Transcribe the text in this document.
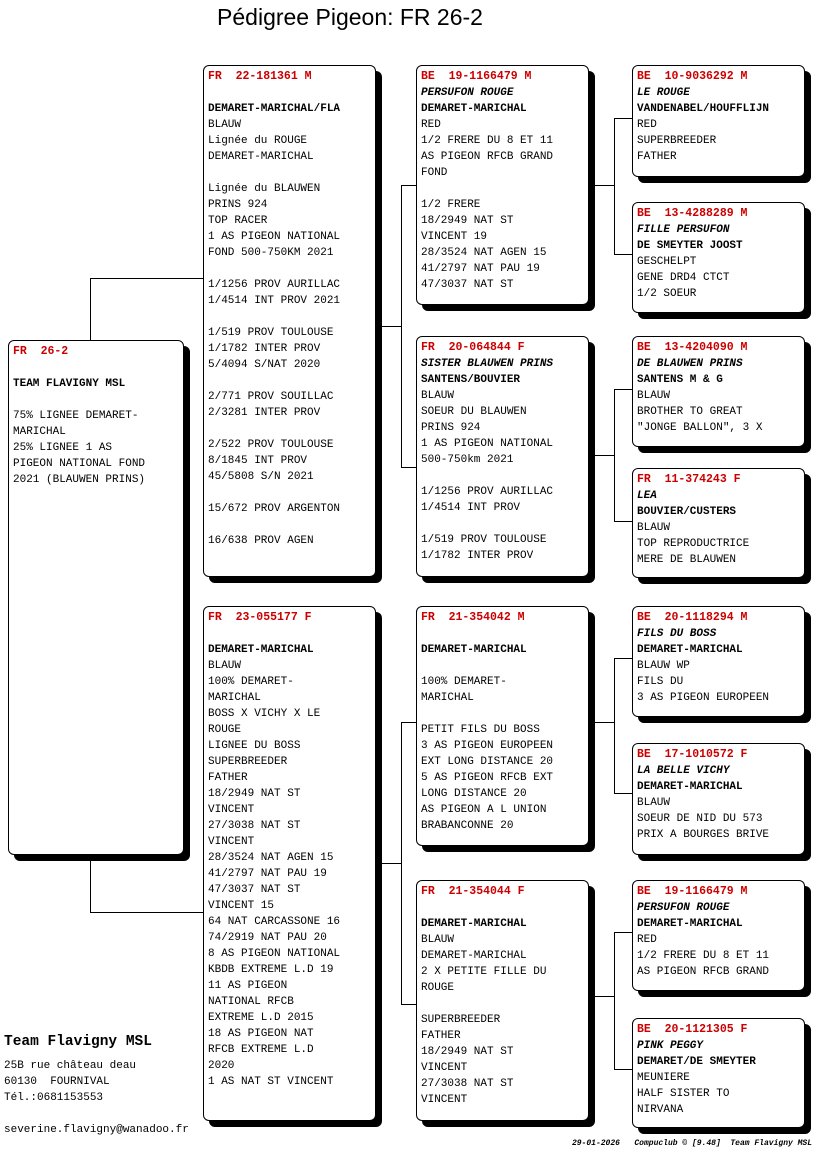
Pédigree Pigeon: FR 26-2
FR  26-2
TEAM FLAVIGNY MSL
75% LIGNEE DEMARET-
MARICHAL
25% LIGNEE 1 AS
PIGEON NATIONAL FOND
2021 (BLAUWEN PRINS)
FR  22-181361 M
DEMARET-MARICHAL/FLA
BLAUW
Lignée du ROUGE
DEMARET-MARICHAL
Lignée du BLAUWEN
PRINS 924
TOP RACER
1 AS PIGEON NATIONAL
FOND 500-750KM 2021
1/1256 PROV AURILLAC
1/4514 INT PROV 2021
1/519 PROV TOULOUSE
1/1782 INTER PROV
5/4094 S/NAT 2020
2/771 PROV SOUILLAC
2/3281 INTER PROV
2/522 PROV TOULOUSE
8/1845 INT PROV
45/5808 S/N 2021
15/672 PROV ARGENTON
16/638 PROV AGEN
FR  23-055177 F
DEMARET-MARICHAL
BLAUW
100% DEMARET-
MARICHAL
BOSS X VICHY X LE
ROUGE
LIGNEE DU BOSS
SUPERBREEDER
FATHER
18/2949 NAT ST
VINCENT
27/3038 NAT ST
VINCENT
28/3524 NAT AGEN 15
41/2797 NAT PAU 19
47/3037 NAT ST
VINCENT 15
64 NAT CARCASSONE 16
74/2919 NAT PAU 20
8 AS PIGEON NATIONAL
KBDB EXTREME L.D 19
11 AS PIGEON
NATIONAL RFCB
EXTREME L.D 2015
18 AS PIGEON NAT
RFCB EXTREME L.D
2020
1 AS NAT ST VINCENT
BE  19-1166479 M
PERSUFON ROUGE
DEMARET-MARICHAL
RED
1/2 FRERE DU 8 ET 11
AS PIGEON RFCB GRAND
FOND
1/2 FRERE
18/2949 NAT ST
VINCENT 19
28/3524 NAT AGEN 15
41/2797 NAT PAU 19
47/3037 NAT ST
FR  20-064844 F
SISTER BLAUWEN PRINS
SANTENS/BOUVIER
BLAUW
SOEUR DU BLAUWEN
PRINS 924
1 AS PIGEON NATIONAL
500-750km 2021
1/1256 PROV AURILLAC
1/4514 INT PROV
1/519 PROV TOULOUSE
1/1782 INTER PROV
FR  21-354042 M
DEMARET-MARICHAL
100% DEMARET-
MARICHAL
PETIT FILS DU BOSS
3 AS PIGEON EUROPEEN
EXT LONG DISTANCE 20
5 AS PIGEON RFCB EXT
LONG DISTANCE 20
AS PIGEON A L UNION
BRABANCONNE 20
FR  21-354044 F
DEMARET-MARICHAL
BLAUW
DEMARET-MARICHAL
2 X PETITE FILLE DU
ROUGE
SUPERBREEDER
FATHER
18/2949 NAT ST
VINCENT
27/3038 NAT ST
VINCENT
BE  10-9036292 M
LE ROUGE
VANDENABEL/HOUFFLIJN
RED
SUPERBREEDER
FATHER
BE  13-4288289 M
FILLE PERSUFON
DE SMEYTER JOOST
GESCHELPT
GENE DRD4 CTCT
1/2 SOEUR
BE  13-4204090 M
DE BLAUWEN PRINS
SANTENS M & G
BLAUW
BROTHER TO GREAT
"JONGE BALLON", 3 X
FR  11-374243 F
LEA
BOUVIER/CUSTERS
BLAUW
TOP REPRODUCTRICE
MERE DE BLAUWEN
BE  20-1118294 M
FILS DU BOSS
DEMARET-MARICHAL
BLAUW WP
FILS DU
3 AS PIGEON EUROPEEN
BE  17-1010572 F
LA BELLE VICHY
DEMARET-MARICHAL
BLAUW
SOEUR DE NID DU 573
PRIX A BOURGES BRIVE
BE  19-1166479 M
PERSUFON ROUGE
DEMARET-MARICHAL
RED
1/2 FRERE DU 8 ET 11
AS PIGEON RFCB GRAND
BE  20-1121305 F
PINK PEGGY
DEMARET/DE SMEYTER
MEUNIERE
HALF SISTER TO
NIRVANA
Team Flavigny MSL
25B rue château deau
60130  FOURNIVAL
Tél.:0681153553
severine.flavigny@wanadoo.fr
29-01-2026   Compuclub © [9.48]  Team Flavigny MSL
